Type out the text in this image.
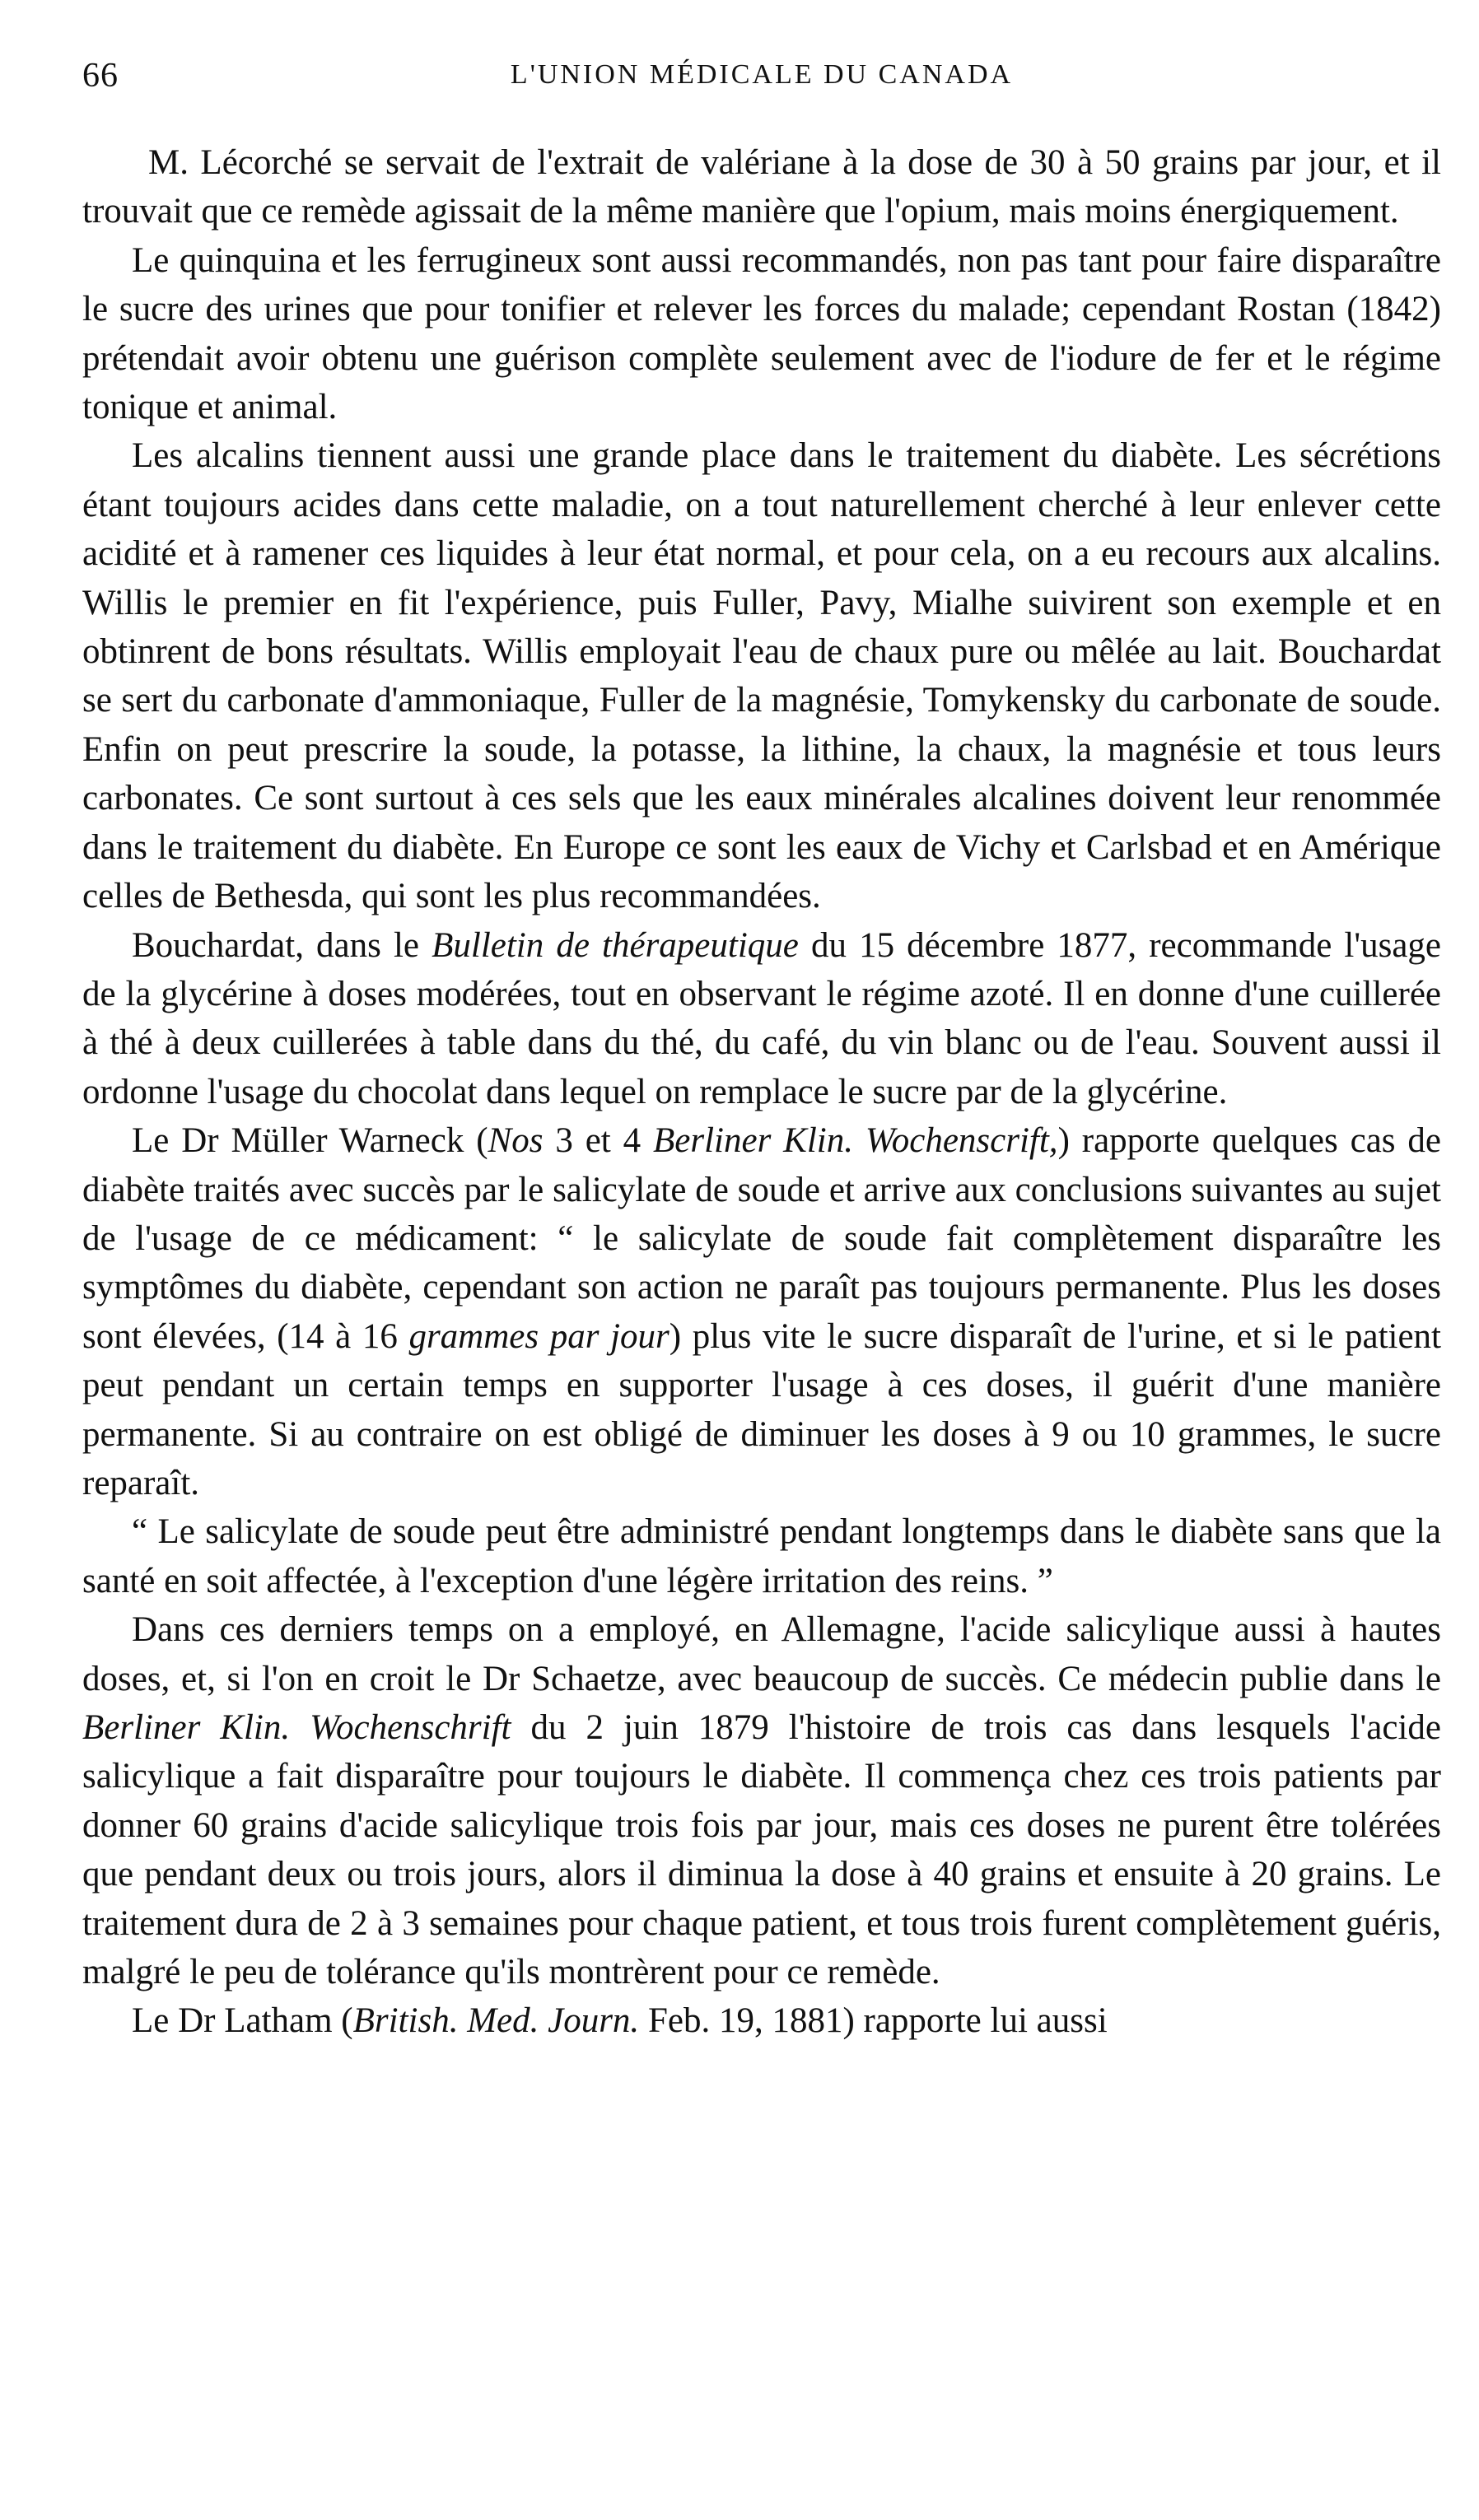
66	L'UNION MÉDICALE DU CANADA

M. Lécorché se servait de l'extrait de valériane à la dose de 30 à 50 grains par jour, et il trouvait que ce remède agissait de la même manière que l'opium, mais moins énergiquement.

Le quinquina et les ferrugineux sont aussi recommandés, non pas tant pour faire disparaître le sucre des urines que pour tonifier et relever les forces du malade; cependant Rostan (1842) prétendait avoir obtenu une guérison complète seulement avec de l'iodure de fer et le régime tonique et animal.

Les alcalins tiennent aussi une grande place dans le traitement du diabète. Les sécrétions étant toujours acides dans cette maladie, on a tout naturellement cherché à leur enlever cette acidité et à ramener ces liquides à leur état normal, et pour cela, on a eu recours aux alcalins. Willis le premier en fit l'expérience, puis Fuller, Pavy, Mialhe suivirent son exemple et en obtinrent de bons résultats. Willis employait l'eau de chaux pure ou mêlée au lait. Bouchardat se sert du carbonate d'ammoniaque, Fuller de la magnésie, Tomykensky du carbonate de soude. Enfin on peut prescrire la soude, la potasse, la lithine, la chaux, la magnésie et tous leurs carbonates. Ce sont surtout à ces sels que les eaux minérales alcalines doivent leur renommée dans le traitement du diabète. En Europe ce sont les eaux de Vichy et Carlsbad et en Amérique celles de Bethesda, qui sont les plus recommandées.

Bouchardat, dans le Bulletin de thérapeutique du 15 décembre 1877, recommande l'usage de la glycérine à doses modérées, tout en observant le régime azoté. Il en donne d'une cuillerée à thé à deux cuillerées à table dans du thé, du café, du vin blanc ou de l'eau. Souvent aussi il ordonne l'usage du chocolat dans lequel on remplace le sucre par de la glycérine.

Le Dr Müller Warneck (Nos 3 et 4 Berliner Klin. Wochenscrift,) rapporte quelques cas de diabète traités avec succès par le salicylate de soude et arrive aux conclusions suivantes au sujet de l'usage de ce médicament: “ le salicylate de soude fait complètement disparaître les symptômes du diabète, cependant son action ne paraît pas toujours permanente. Plus les doses sont élevées, (14 à 16 grammes par jour) plus vite le sucre disparaît de l'urine, et si le patient peut pendant un certain temps en supporter l'usage à ces doses, il guérit d'une manière permanente. Si au contraire on est obligé de diminuer les doses à 9 ou 10 grammes, le sucre reparaît.

“ Le salicylate de soude peut être administré pendant longtemps dans le diabète sans que la santé en soit affectée, à l'exception d'une légère irritation des reins. ”

Dans ces derniers temps on a employé, en Allemagne, l'acide salicylique aussi à hautes doses, et, si l'on en croit le Dr Schaetze, avec beaucoup de succès. Ce médecin publie dans le Berliner Klin. Wochenschrift du 2 juin 1879 l'histoire de trois cas dans lesquels l'acide salicylique a fait disparaître pour toujours le diabète. Il commença chez ces trois patients par donner 60 grains d'acide salicylique trois fois par jour, mais ces doses ne purent être tolérées que pendant deux ou trois jours, alors il diminua la dose à 40 grains et ensuite à 20 grains. Le traitement dura de 2 à 3 semaines pour chaque patient, et tous trois furent complètement guéris, malgré le peu de tolérance qu'ils montrèrent pour ce remède.

Le Dr Latham (British. Med. Journ. Feb. 19, 1881) rapporte lui aussi
